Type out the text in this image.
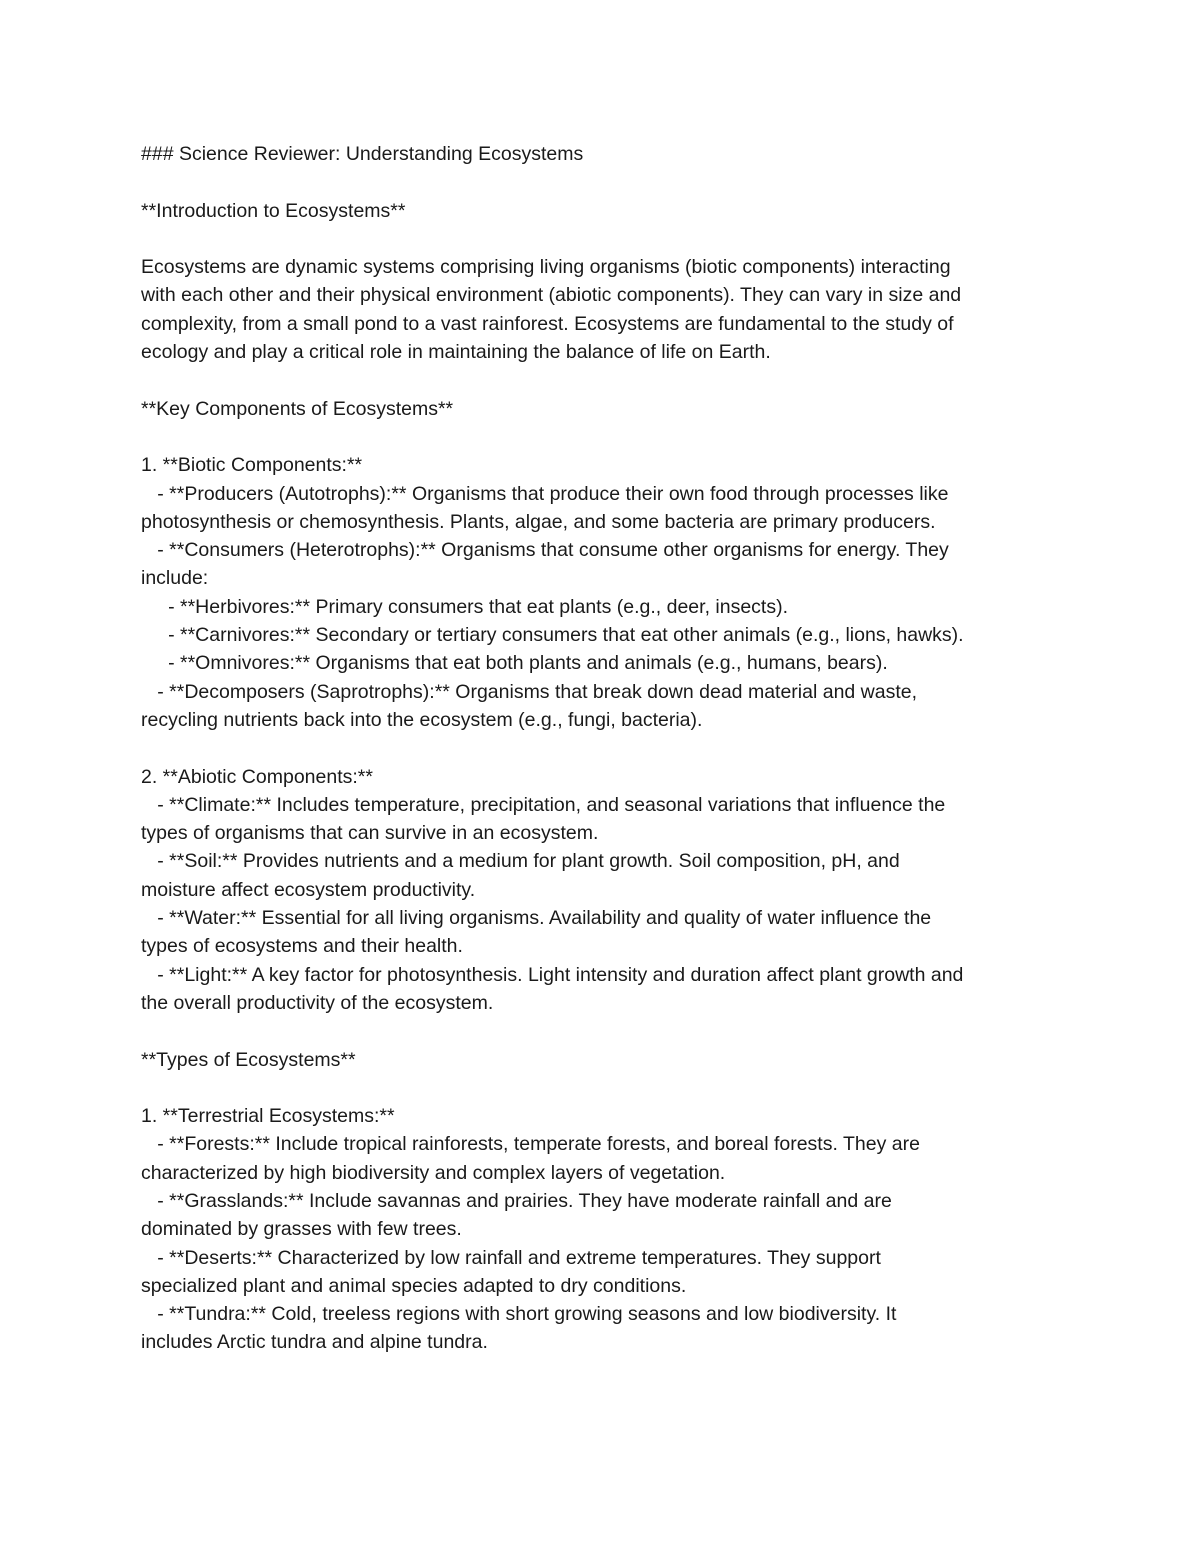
### Science Reviewer: Understanding Ecosystems
**Introduction to Ecosystems**
Ecosystems are dynamic systems comprising living organisms (biotic components) interacting
with each other and their physical environment (abiotic components). They can vary in size and
complexity, from a small pond to a vast rainforest. Ecosystems are fundamental to the study of
ecology and play a critical role in maintaining the balance of life on Earth.
**Key Components of Ecosystems**
1. **Biotic Components:**
- **Producers (Autotrophs):** Organisms that produce their own food through processes like
photosynthesis or chemosynthesis. Plants, algae, and some bacteria are primary producers.
- **Consumers (Heterotrophs):** Organisms that consume other organisms for energy. They
include:
- **Herbivores:** Primary consumers that eat plants (e.g., deer, insects).
- **Carnivores:** Secondary or tertiary consumers that eat other animals (e.g., lions, hawks).
- **Omnivores:** Organisms that eat both plants and animals (e.g., humans, bears).
- **Decomposers (Saprotrophs):** Organisms that break down dead material and waste,
recycling nutrients back into the ecosystem (e.g., fungi, bacteria).
2. **Abiotic Components:**
- **Climate:** Includes temperature, precipitation, and seasonal variations that influence the
types of organisms that can survive in an ecosystem.
- **Soil:** Provides nutrients and a medium for plant growth. Soil composition, pH, and
moisture affect ecosystem productivity.
- **Water:** Essential for all living organisms. Availability and quality of water influence the
types of ecosystems and their health.
- **Light:** A key factor for photosynthesis. Light intensity and duration affect plant growth and
the overall productivity of the ecosystem.
**Types of Ecosystems**
1. **Terrestrial Ecosystems:**
- **Forests:** Include tropical rainforests, temperate forests, and boreal forests. They are
characterized by high biodiversity and complex layers of vegetation.
- **Grasslands:** Include savannas and prairies. They have moderate rainfall and are
dominated by grasses with few trees.
- **Deserts:** Characterized by low rainfall and extreme temperatures. They support
specialized plant and animal species adapted to dry conditions.
- **Tundra:** Cold, treeless regions with short growing seasons and low biodiversity. It
includes Arctic tundra and alpine tundra.
